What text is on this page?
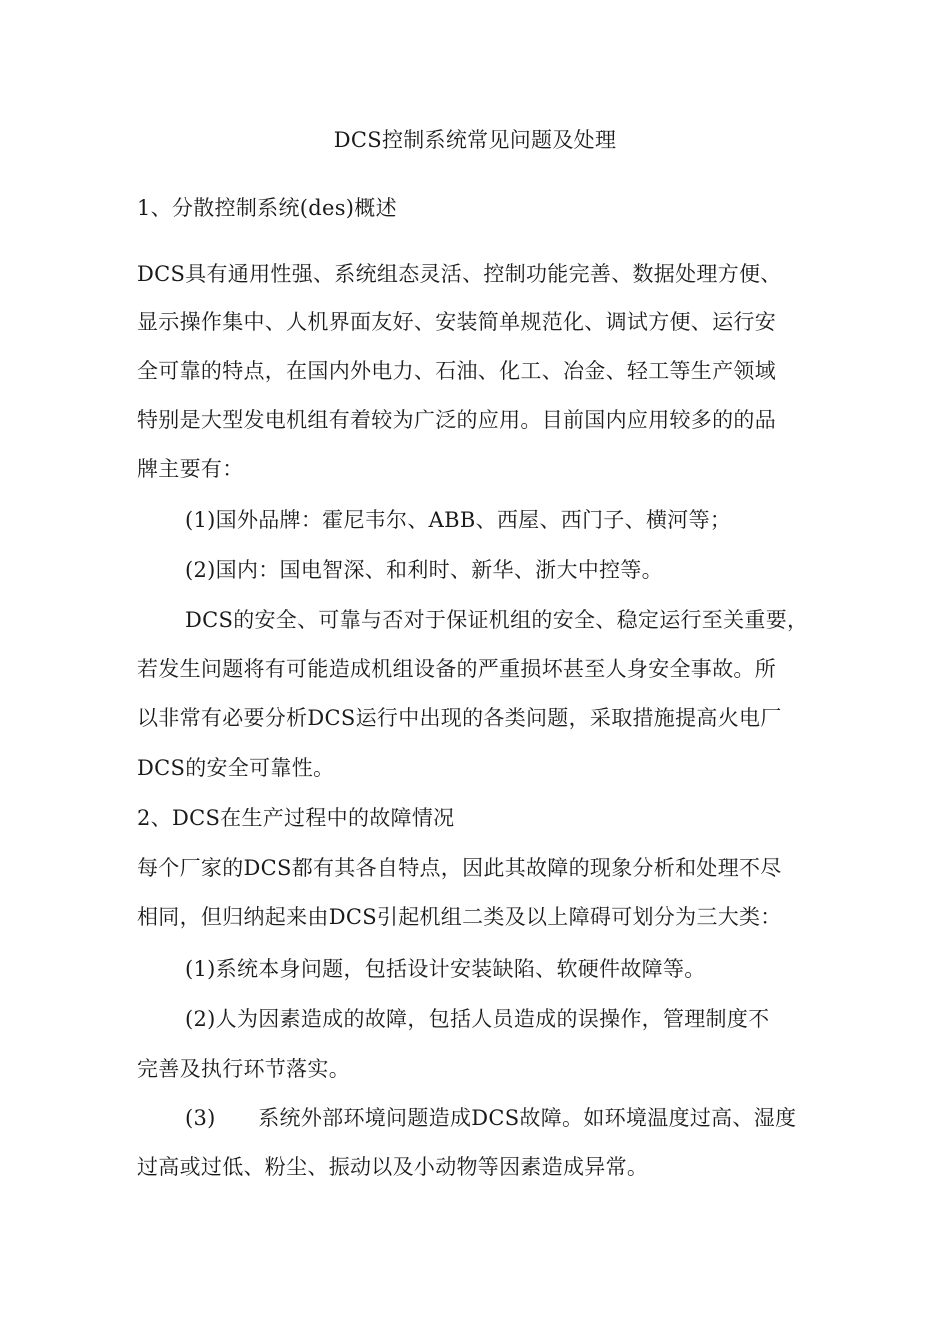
DCS控制系统常见问题及处理
1、分散控制系统(des)概述
DCS具有通用性强、系统组态灵活、控制功能完善、数据处理方便、
显示操作集中、人机界面友好、安装简单规范化、调试方便、运行安
全可靠的特点，在国内外电力、石油、化工、冶金、轻工等生产领域
特别是大型发电机组有着较为广泛的应用。目前国内应用较多的的品
牌主要有：
(1)国外品牌：霍尼韦尔、ABB、西屋、西门子、横河等；
(2)国内：国电智深、和利时、新华、浙大中控等。
DCS的安全、可靠与否对于保证机组的安全、稳定运行至关重要，
若发生问题将有可能造成机组设备的严重损坏甚至人身安全事故。所
以非常有必要分析DCS运行中出现的各类问题，采取措施提高火电厂
DCS的安全可靠性。
2、DCS在生产过程中的故障情况
每个厂家的DCS都有其各自特点，因此其故障的现象分析和处理不尽
相同，但归纳起来由DCS引起机组二类及以上障碍可划分为三大类：
(1)系统本身问题，包括设计安装缺陷、软硬件故障等。
(2)人为因素造成的故障，包括人员造成的误操作，管理制度不
完善及执行环节落实。
(3)　　系统外部环境问题造成DCS故障。如环境温度过高、湿度
过高或过低、粉尘、振动以及小动物等因素造成异常。
